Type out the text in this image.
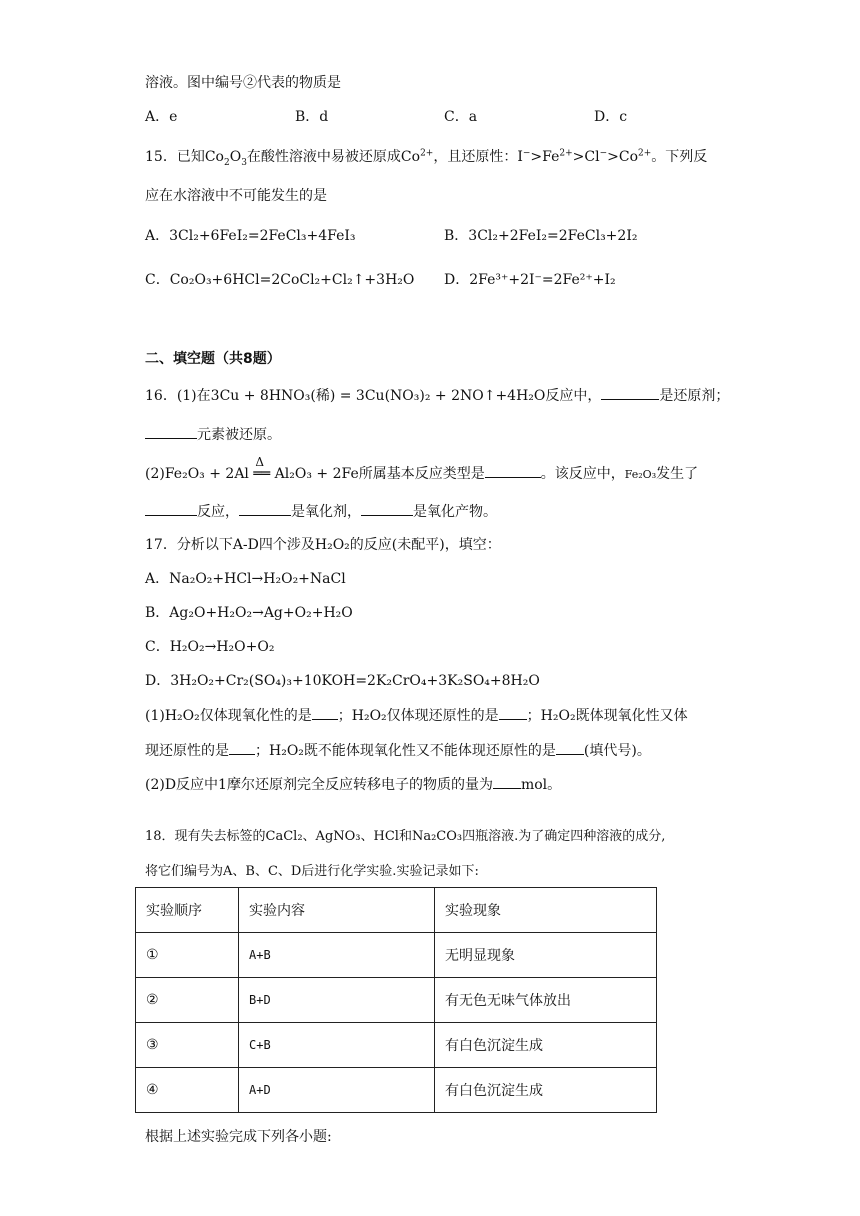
溶液。图中编号②代表的物质是
A．e	B．d	C．a	D．c
15．已知$Co_2O_3$在酸性溶液中易被还原成$Co^{2+}$，且还原性：$I^->Fe^{2+}>Cl^->Co^{2+}$。下列反
应在水溶液中不可能发生的是
A．3Cl₂+6FeI₂=2FeCl₃+4FeI₃	B．3Cl₂+2FeI₂=2FeCl₃+2I₂
C．Co₂O₃+6HCl=2CoCl₂+Cl₂↑+3H₂O D．2Fe³⁺+2I⁻=2Fe²⁺+I₂
二、填空题（共8题）
16．(1)在3Cu + 8HNO₃(稀) = 3Cu(NO₃)₂ + 2NO↑+4H₂O反应中，	是还原剂；
元素被还原。
(2)Fe₂O₃ + 2Al
Δ
══ Al₂O₃ + 2Fe所属基本反应类型是	。该反应中，Fe₂O₃发生了
反应，	是氧化剂，	是氧化产物。
17．分析以下A-D四个涉及H₂O₂的反应(未配平)，填空：
A．Na₂O₂+HCl→H₂O₂+NaCl
B．Ag₂O+H₂O₂→Ag+O₂+H₂O
C．H₂O₂→H₂O+O₂
D．3H₂O₂+Cr₂(SO₄)₃+10KOH=2K₂CrO₄+3K₂SO₄+8H₂O
(1)H₂O₂仅体现氧化性的是 ；H₂O₂仅体现还原性的是 ；H₂O₂既体现氧化性又体
现还原性的是 ；H₂O₂既不能体现氧化性又不能体现还原性的是 (填代号)。
(2)D反应中1摩尔还原剂完全反应转移电子的物质的量为 mol。
18．现有失去标签的CaCl₂、AgNO₃、HCl和Na₂CO₃四瓶溶液.为了确定四种溶液的成分,
将它们编号为A、B、C、D后进行化学实验.实验记录如下:
实验顺序	实验内容	实验现象
①	A+B	无明显现象
②	B+D	有无色无味气体放出
③	C+B	有白色沉淀生成
④	A+D	有白色沉淀生成
根据上述实验完成下列各小题:
